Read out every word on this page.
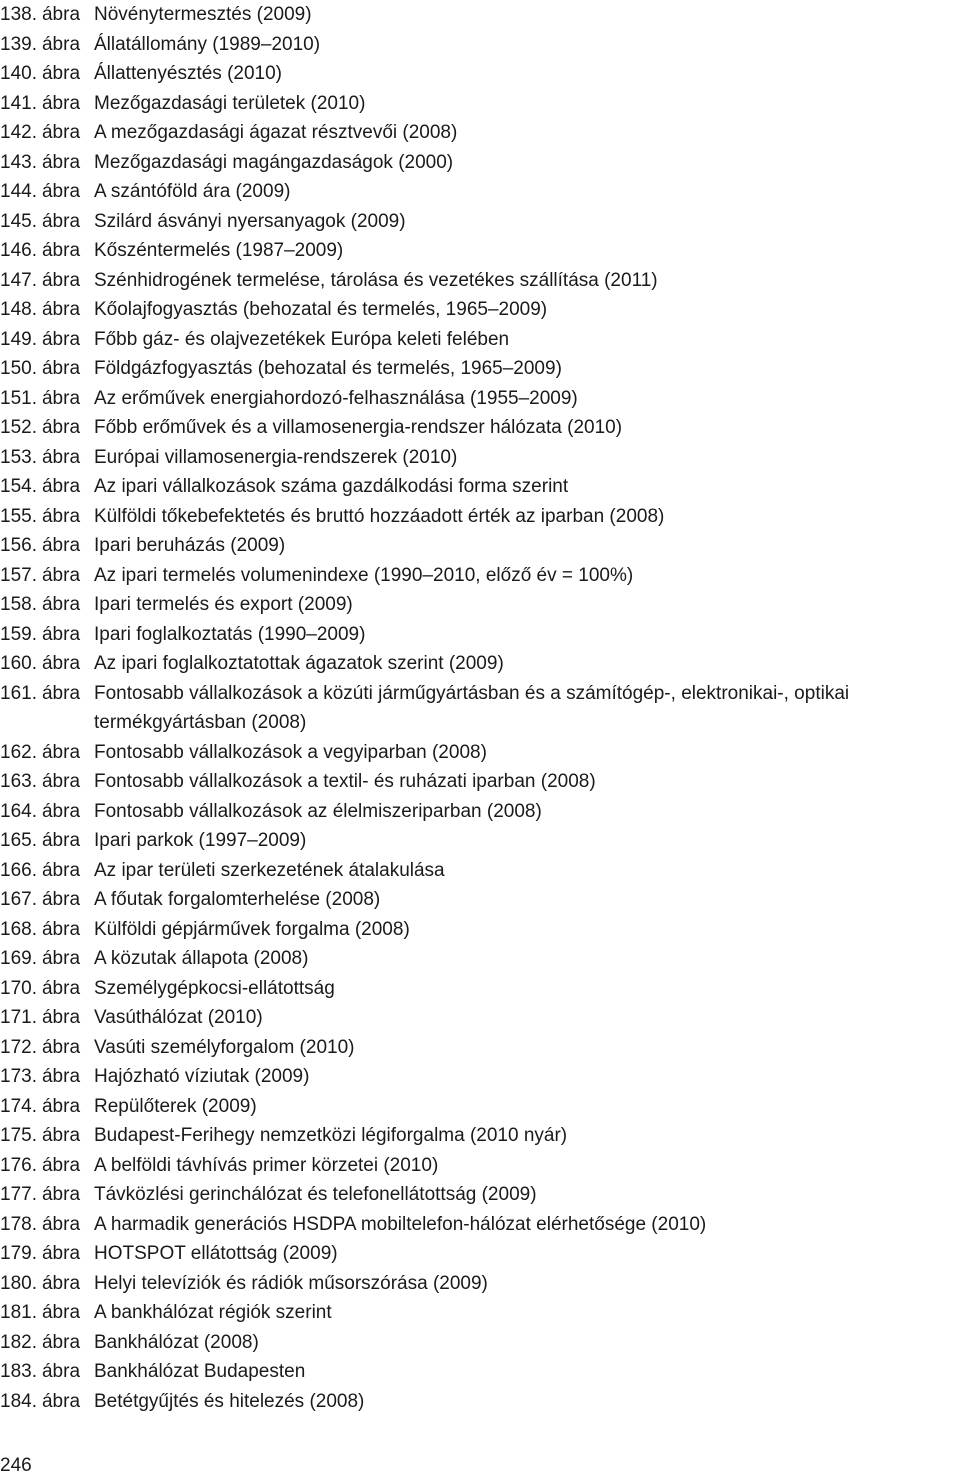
138. ábra Növénytermesztés (2009)
139. ábra Állatállomány (1989–2010)
140. ábra Állattenyésztés (2010)
141. ábra Mezőgazdasági területek (2010)
142. ábra A mezőgazdasági ágazat résztvevői (2008)
143. ábra Mezőgazdasági magángazdaságok (2000)
144. ábra A szántóföld ára (2009)
145. ábra Szilárd ásványi nyersanyagok (2009)
146. ábra Kőszéntermelés (1987–2009)
147. ábra Szénhidrogének termelése, tárolása és vezetékes szállítása (2011)
148. ábra Kőolajfogyasztás (behozatal és termelés, 1965–2009)
149. ábra Főbb gáz- és olajvezetékek Európa keleti felében
150. ábra Földgázfogyasztás (behozatal és termelés, 1965–2009)
151. ábra Az erőművek energiahordozó-felhasználása (1955–2009)
152. ábra Főbb erőművek és a villamosenergia-rendszer hálózata (2010)
153. ábra Európai villamosenergia-rendszerek (2010)
154. ábra Az ipari vállalkozások száma gazdálkodási forma szerint
155. ábra Külföldi tőkebefektetés és bruttó hozzáadott érték az iparban (2008)
156. ábra Ipari beruházás (2009)
157. ábra Az ipari termelés volumenindexe (1990–2010, előző év = 100%)
158. ábra Ipari termelés és export (2009)
159. ábra Ipari foglalkoztatás (1990–2009)
160. ábra Az ipari foglalkoztatottak ágazatok szerint (2009)
161. ábra Fontosabb vállalkozások a közúti járműgyártásban és a számítógép-, elektronikai-, optikai termékgyártásban (2008)
162. ábra Fontosabb vállalkozások a vegyiparban (2008)
163. ábra Fontosabb vállalkozások a textil- és ruházati iparban (2008)
164. ábra Fontosabb vállalkozások az élelmiszeriparban (2008)
165. ábra Ipari parkok (1997–2009)
166. ábra Az ipar területi szerkezetének átalakulása
167. ábra A főutak forgalomterhelése (2008)
168. ábra Külföldi gépjárművek forgalma (2008)
169. ábra A közutak állapota (2008)
170. ábra Személygépkocsi-ellátottság
171. ábra Vasúthálózat (2010)
172. ábra Vasúti személyforgalom (2010)
173. ábra Hajózható víziutak (2009)
174. ábra Repülőterek (2009)
175. ábra Budapest-Ferihegy nemzetközi légiforgalma (2010 nyár)
176. ábra A belföldi távhívás primer körzetei (2010)
177. ábra Távközlési gerinchálózat és telefonellátottság (2009)
178. ábra A harmadik generációs HSDPA mobiltelefon-hálózat elérhetősége (2010)
179. ábra HOTSPOT ellátottság (2009)
180. ábra Helyi televíziók és rádiók műsorszórása (2009)
181. ábra A bankhálózat régiók szerint
182. ábra Bankhálózat (2008)
183. ábra Bankhálózat Budapesten
184. ábra Betétgyűjtés és hitelezés (2008)
246
